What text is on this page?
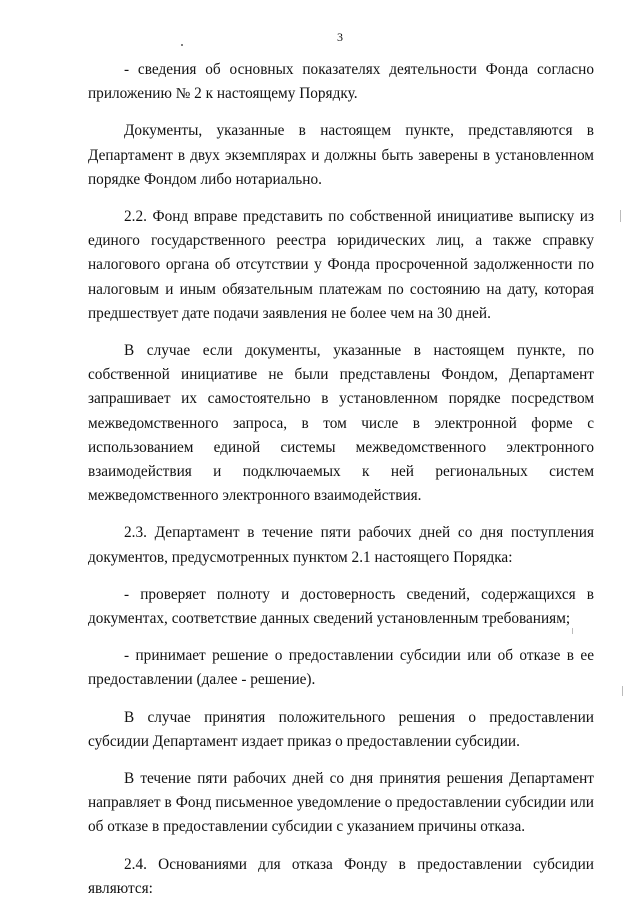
3

- сведения об основных показателях деятельности Фонда согласно приложению № 2 к настоящему Порядку.

Документы, указанные в настоящем пункте, представляются в Департамент в двух экземплярах и должны быть заверены в установленном порядке Фондом либо нотариально.

2.2. Фонд вправе представить по собственной инициативе выписку из единого государственного реестра юридических лиц, а также справку налогового органа об отсутствии у Фонда просроченной задолженности по налоговым и иным обязательным платежам по состоянию на дату, которая предшествует дате подачи заявления не более чем на 30 дней.

В случае если документы, указанные в настоящем пункте, по собственной инициативе не были представлены Фондом, Департамент запрашивает их самостоятельно в установленном порядке посредством межведомственного запроса, в том числе в электронной форме с использованием единой системы межведомственного электронного взаимодействия и подключаемых к ней региональных систем межведомственного электронного взаимодействия.

2.3. Департамент в течение пяти рабочих дней со дня поступления документов, предусмотренных пунктом 2.1 настоящего Порядка:

- проверяет полноту и достоверность сведений, содержащихся в документах, соответствие данных сведений установленным требованиям;

- принимает решение о предоставлении субсидии или об отказе в ее предоставлении (далее - решение).

В случае принятия положительного решения о предоставлении субсидии Департамент издает приказ о предоставлении субсидии.

В течение пяти рабочих дней со дня принятия решения Департамент направляет в Фонд письменное уведомление о предоставлении субсидии или об отказе в предоставлении субсидии с указанием причины отказа.

2.4. Основаниями для отказа Фонду в предоставлении субсидии являются:
